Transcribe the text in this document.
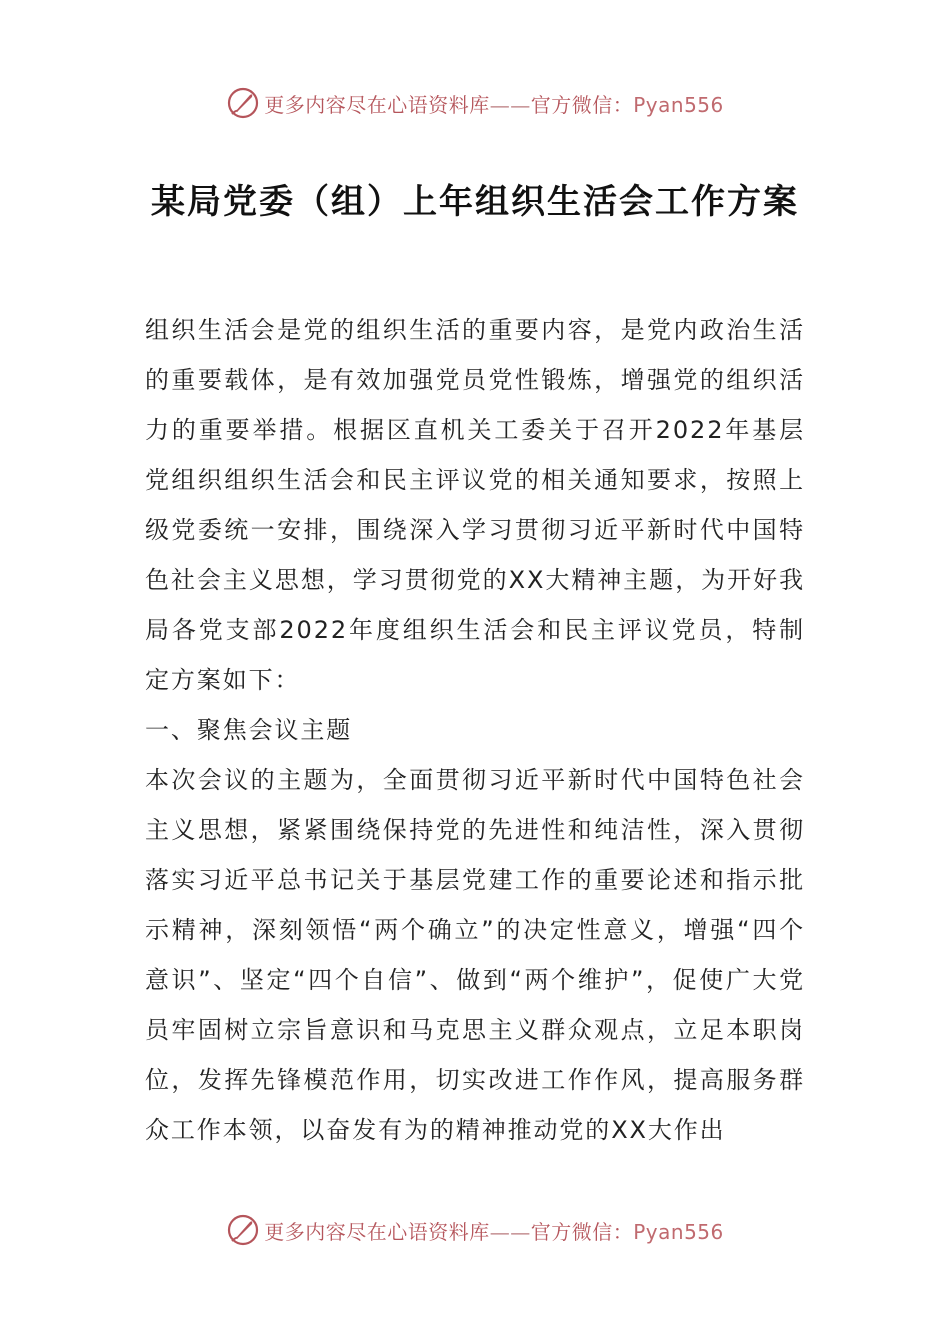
更多内容尽在心语资料库——官方微信：Pyan556
某局党委（组）上年组织生活会工作方案

组织生活会是党的组织生活的重要内容，是党内政治生活的重要载体，是有效加强党员党性锻炼，增强党的组织活力的重要举措。根据区直机关工委关于召开2022年基层党组织组织生活会和民主评议党的相关通知要求，按照上级党委统一安排，围绕深入学习贯彻习近平新时代中国特色社会主义思想，学习贯彻党的XX大精神主题，为开好我局各党支部2022年度组织生活会和民主评议党员，特制定方案如下：

一、聚焦会议主题

本次会议的主题为，全面贯彻习近平新时代中国特色社会主义思想，紧紧围绕保持党的先进性和纯洁性，深入贯彻落实习近平总书记关于基层党建工作的重要论述和指示批示精神，深刻领悟“两个确立”的决定性意义，增强“四个意识”、坚定“四个自信”、做到“两个维护”，促使广大党员牢固树立宗旨意识和马克思主义群众观点，立足本职岗位，发挥先锋模范作用，切实改进工作作风，提高服务群众工作本领，以奋发有为的精神推动党的XX大作出

更多内容尽在心语资料库——官方微信：Pyan556
